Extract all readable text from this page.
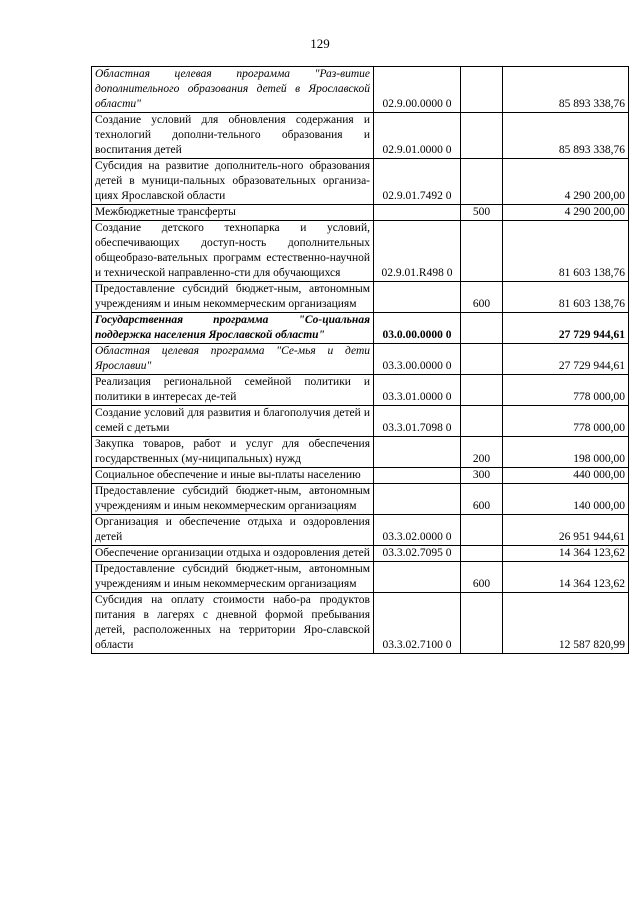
129
Областная целевая программа "Раз-витие дополнительного образования детей в Ярославской области"	02.9.00.0000 0		85 893 338,76
Создание условий для обновления содержания и технологий дополни-тельного образования и воспитания детей	02.9.01.0000 0		85 893 338,76
Субсидия на развитие дополнитель-ного образования детей в муници-пальных образовательных организа-циях Ярославской области	02.9.01.7492 0		4 290 200,00
Межбюджетные трансферты		500	4 290 200,00
Создание детского технопарка и условий, обеспечивающих доступ-ность дополнительных общеобразо-вательных программ естественно-научной и технической направленно-сти для обучающихся	02.9.01.R498 0		81 603 138,76
Предоставление субсидий бюджет-ным, автономным учреждениям и иным некоммерческим организациям		600	81 603 138,76
Государственная программа "Со-циальная поддержка населения Ярославской области"	03.0.00.0000 0		27 729 944,61
Областная целевая программа "Се-мья и дети Ярославии"	03.3.00.0000 0		27 729 944,61
Реализация региональной семейной политики и политики в интересах де-тей	03.3.01.0000 0		778 000,00
Создание условий для развития и благополучия детей и семей с детьми	03.3.01.7098 0		778 000,00
Закупка товаров, работ и услуг для обеспечения государственных (му-ниципальных) нужд		200	198 000,00
Социальное обеспечение и иные вы-платы населению		300	440 000,00
Предоставление субсидий бюджет-ным, автономным учреждениям и иным некоммерческим организациям		600	140 000,00
Организация и обеспечение отдыха и оздоровления детей	03.3.02.0000 0		26 951 944,61
Обеспечение организации отдыха и оздоровления детей	03.3.02.7095 0		14 364 123,62
Предоставление субсидий бюджет-ным, автономным учреждениям и иным некоммерческим организациям		600	14 364 123,62
Субсидия на оплату стоимости набо-ра продуктов питания в лагерях с дневной формой пребывания детей, расположенных на территории Яро-славской области	03.3.02.7100 0		12 587 820,99
